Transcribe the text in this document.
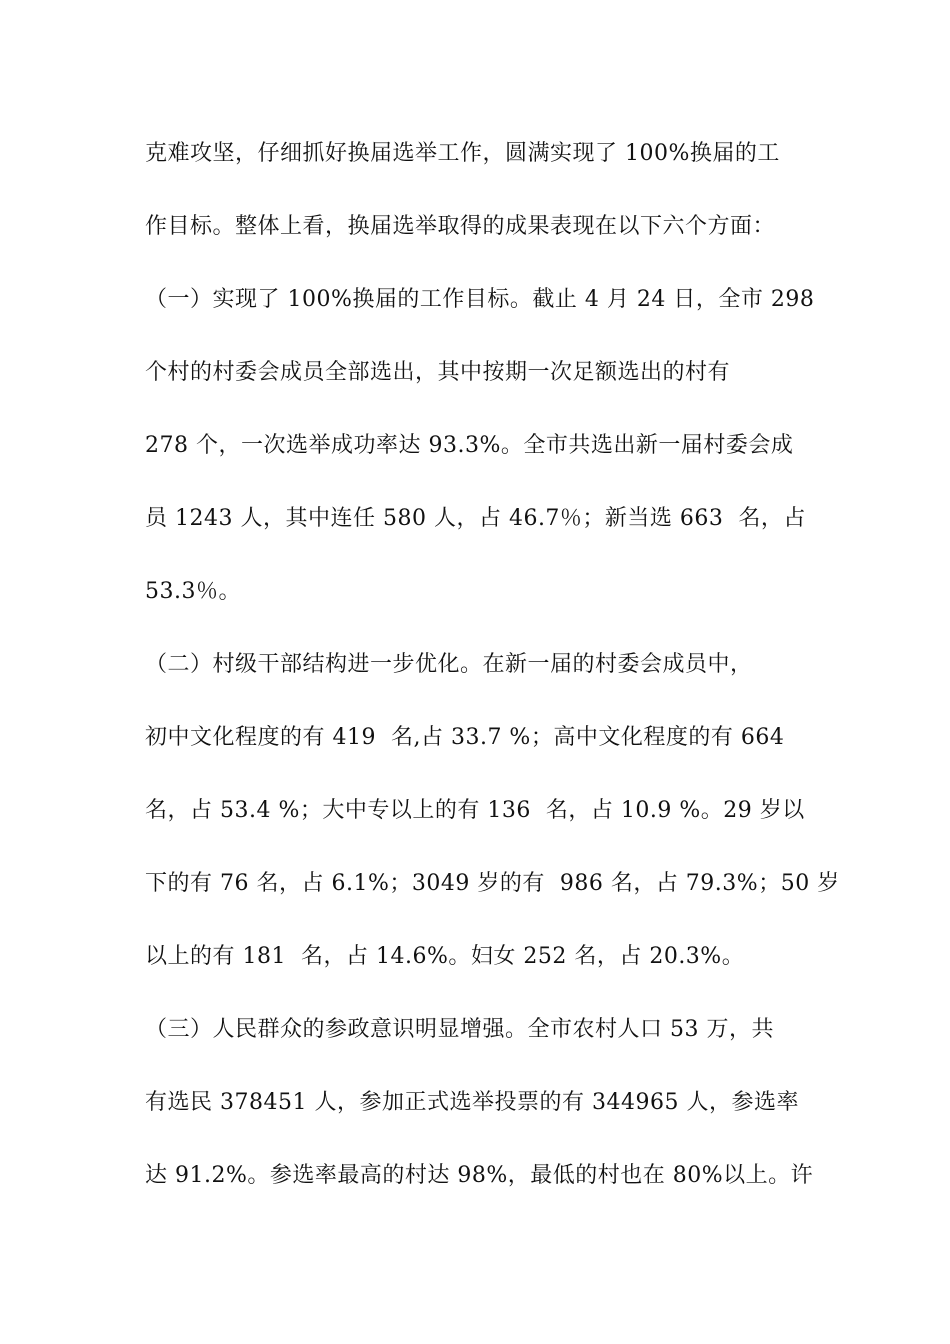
克难攻坚，仔细抓好换届选举工作，圆满实现了 100%换届的工
作目标。整体上看，换届选举取得的成果表现在以下六个方面：
（一）实现了 100%换届的工作目标。截止 4 月 24 日，全市 298
个村的村委会成员全部选出，其中按期一次足额选出的村有
278 个，一次选举成功率达 93.3%。全市共选出新一届村委会成
员 1243 人，其中连任 580 人，占 46.7％；新当选 663  名，占
53.3％。
（二）村级干部结构进一步优化。在新一届的村委会成员中，
初中文化程度的有 419  名,占 33.7 %；高中文化程度的有 664
名，占 53.4 %；大中专以上的有 136  名，占 10.9 %。29 岁以
下的有 76 名，占 6.1%；3049 岁的有  986 名，占 79.3%；50 岁
以上的有 181  名，占 14.6%。妇女 252 名，占 20.3%。
（三）人民群众的参政意识明显增强。全市农村人口 53 万，共
有选民 378451 人，参加正式选举投票的有 344965 人，参选率
达 91.2%。参选率最高的村达 98%，最低的村也在 80%以上。许
